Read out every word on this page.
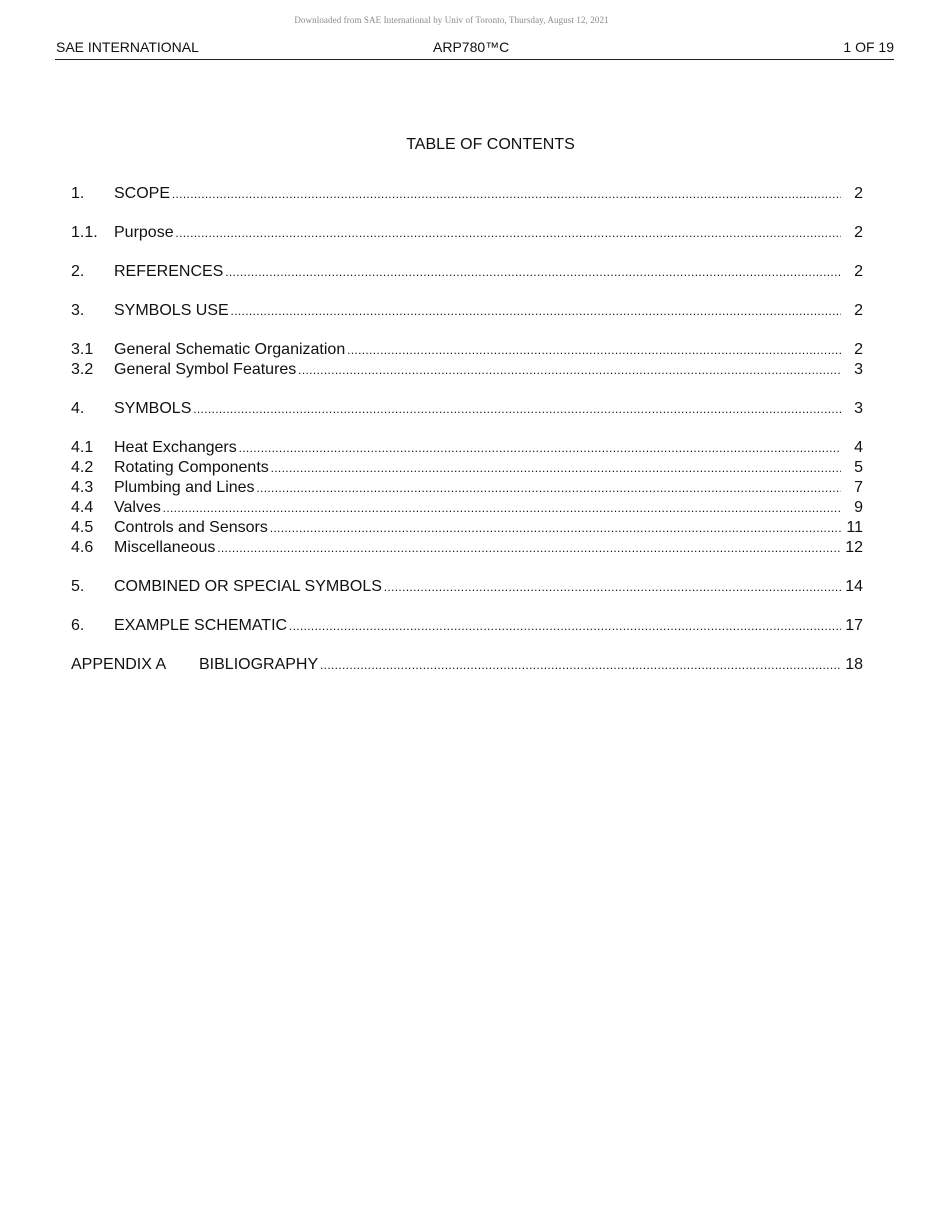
Downloaded from SAE International by Univ of Toronto, Thursday, August 12, 2021
SAE INTERNATIONAL	ARP780™C	1 OF 19
TABLE OF CONTENTS
1. SCOPE . . .	2
1.1. Purpose . . .	2
2. REFERENCES . . .	2
3. SYMBOLS USE . . .	2
3.1 General Schematic Organization . . .	2
3.2 General Symbol Features . . .	3
4. SYMBOLS . . .	3
4.1 Heat Exchangers . . .	4
4.2 Rotating Components . . .	5
4.3 Plumbing and Lines . . .	7
4.4 Valves . . .	9
4.5 Controls and Sensors . . .	11
4.6 Miscellaneous . . .	12
5. COMBINED OR SPECIAL SYMBOLS . . .	14
6. EXAMPLE SCHEMATIC . . .	17
APPENDIX A BIBLIOGRAPHY . . .	18
